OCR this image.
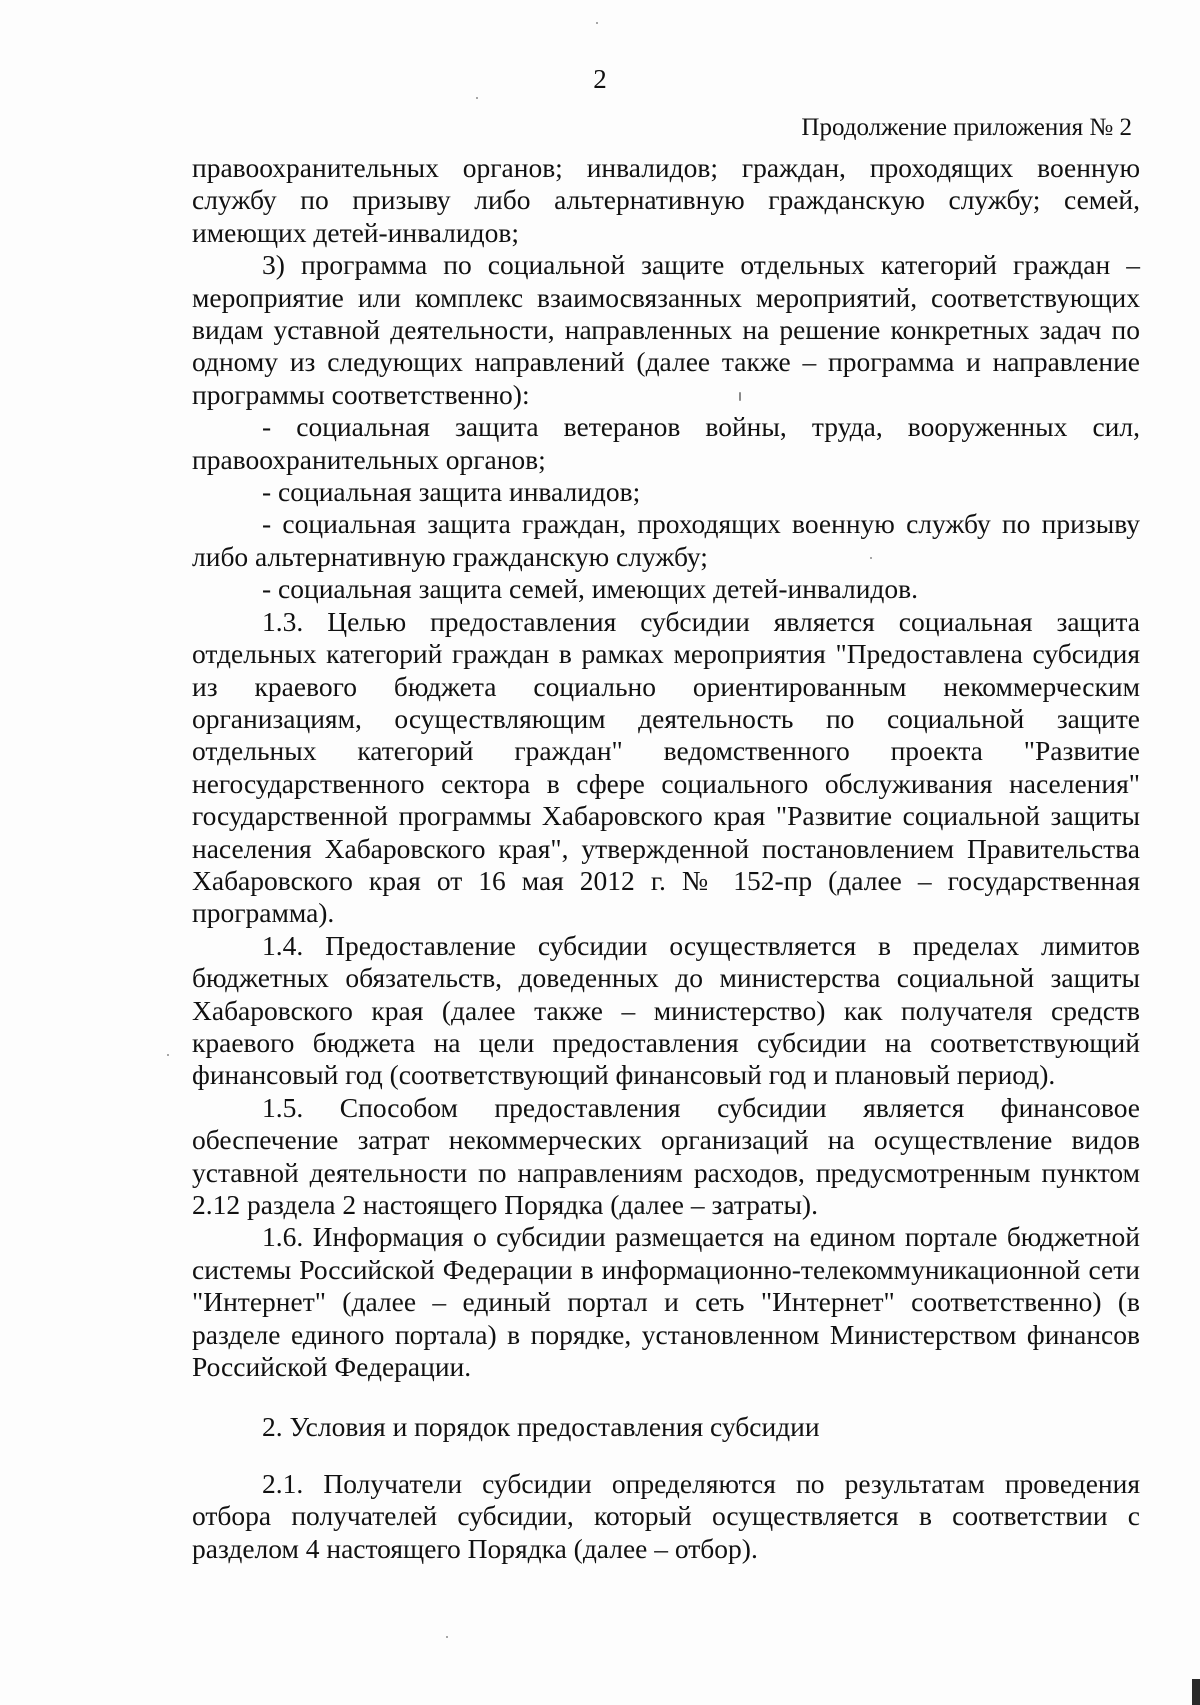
2
Продолжение приложения № 2

правоохранительных органов; инвалидов; граждан, проходящих военную службу по призыву либо альтернативную гражданскую службу; семей, имеющих детей-инвалидов;

3) программа по социальной защите отдельных категорий граждан – мероприятие или комплекс взаимосвязанных мероприятий, соответствующих видам уставной деятельности, направленных на решение конкретных задач по одному из следующих направлений (далее также – программа и направление программы соответственно):

- социальная защита ветеранов войны, труда, вооруженных сил, правоохранительных органов;

- социальная защита инвалидов;

- социальная защита граждан, проходящих военную службу по призыву либо альтернативную гражданскую службу;

- социальная защита семей, имеющих детей-инвалидов.

1.3. Целью предоставления субсидии является социальная защита отдельных категорий граждан в рамках мероприятия "Предоставлена субсидия из краевого бюджета социально ориентированным некоммерческим организациям, осуществляющим деятельность по социальной защите отдельных категорий граждан" ведомственного проекта "Развитие негосударственного сектора в сфере социального обслуживания населения" государственной программы Хабаровского края "Развитие социальной защиты населения Хабаровского края", утвержденной постановлением Правительства Хабаровского края от 16 мая 2012 г. № 152-пр (далее – государственная программа).

1.4. Предоставление субсидии осуществляется в пределах лимитов бюджетных обязательств, доведенных до министерства социальной защиты Хабаровского края (далее также – министерство) как получателя средств краевого бюджета на цели предоставления субсидии на соответствующий финансовый год (соответствующий финансовый год и плановый период).

1.5. Способом предоставления субсидии является финансовое обеспечение затрат некоммерческих организаций на осуществление видов уставной деятельности по направлениям расходов, предусмотренным пунктом 2.12 раздела 2 настоящего Порядка (далее – затраты).

1.6. Информация о субсидии размещается на едином портале бюджетной системы Российской Федерации в информационно-телекоммуникационной сети "Интернет" (далее – единый портал и сеть "Интернет" соответственно) (в разделе единого портала) в порядке, установленном Министерством финансов Российской Федерации.

2. Условия и порядок предоставления субсидии

2.1. Получатели субсидии определяются по результатам проведения отбора получателей субсидии, который осуществляется в соответствии с разделом 4 настоящего Порядка (далее – отбор).
